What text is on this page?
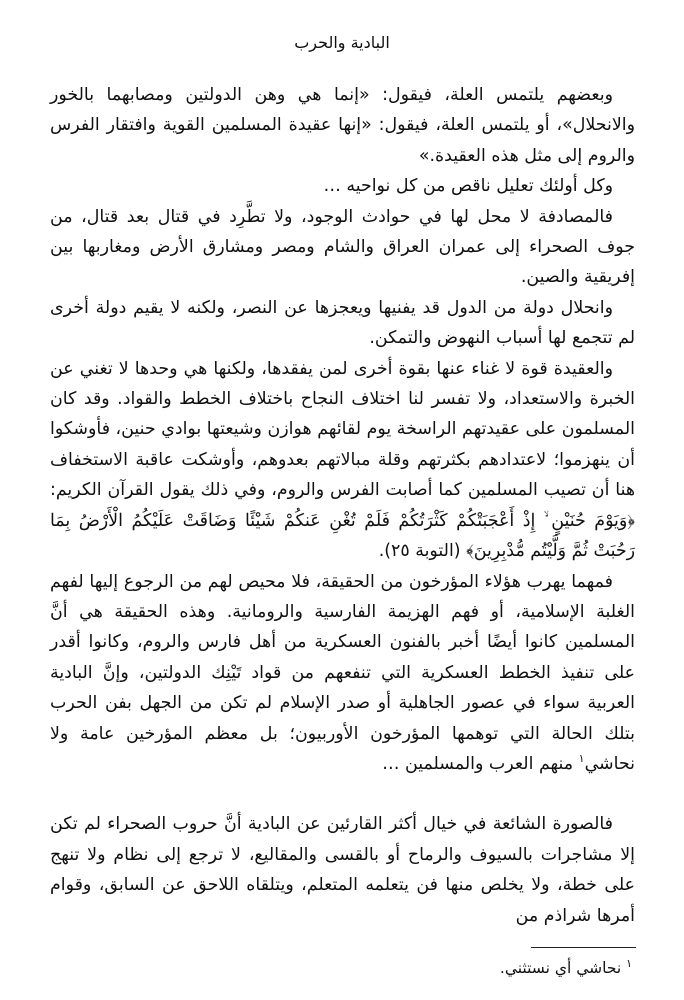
البادية والحرب

وبعضهم يلتمس العلة، فيقول: «إنما هي وهن الدولتين ومصابهما بالخور والانحلال»، أو يلتمس العلة، فيقول: «إنها عقيدة المسلمين القوية وافتقار الفرس والروم إلى مثل هذه العقيدة.»

وكل أولئك تعليل ناقص من كل نواحيه …

فالمصادفة لا محل لها في حوادث الوجود، ولا تطَّرِد في قتال بعد قتال، من جوف الصحراء إلى عمران العراق والشام ومصر ومشارق الأرض ومغاربها بين إفريقية والصين.

وانحلال دولة من الدول قد يفنيها ويعجزها عن النصر، ولكنه لا يقيم دولة أخرى لم تتجمع لها أسباب النهوض والتمكن.

والعقيدة قوة لا غناء عنها بقوة أخرى لمن يفقدها، ولكنها هي وحدها لا تغني عن الخبرة والاستعداد، ولا تفسر لنا اختلاف النجاح باختلاف الخطط والقواد. وقد كان المسلمون على عقيدتهم الراسخة يوم لقائهم هوازن وشيعتها بوادي حنين، فأوشكوا أن ينهزموا؛ لاعتدادهم بكثرتهم وقلة مبالاتهم بعدوهم، وأوشكت عاقبة الاستخفاف هنا أن تصيب المسلمين كما أصابت الفرس والروم، وفي ذلك يقول القرآن الكريم: ﴿وَيَوْمَ حُنَيْنٍ ۙ إِذْ أَعْجَبَتْكُمْ كَثْرَتُكُمْ فَلَمْ تُغْنِ عَنكُمْ شَيْئًا وَضَاقَتْ عَلَيْكُمُ الْأَرْضُ بِمَا رَحُبَتْ ثُمَّ وَلَّيْتُم مُّدْبِرِينَ﴾ (التوبة ٢٥).

فمهما يهرب هؤلاء المؤرخون من الحقيقة، فلا محيص لهم من الرجوع إليها لفهم الغلبة الإسلامية، أو فهم الهزيمة الفارسية والرومانية. وهذه الحقيقة هي أنَّ المسلمين كانوا أيضًا أخبر بالفنون العسكرية من أهل فارس والروم، وكانوا أقدر على تنفيذ الخطط العسكرية التي تنفعهم من قواد تَيْنِك الدولتين، وإنَّ البادية العربية سواء في عصور الجاهلية أو صدر الإسلام لم تكن من الجهل بفن الحرب بتلك الحالة التي توهمها المؤرخون الأوربيون؛ بل معظم المؤرخين عامة ولا نحاشي$^١$ منهم العرب والمسلمين …

فالصورة الشائعة في خيال أكثر القارئين عن البادية أنَّ حروب الصحراء لم تكن إلا مشاجرات بالسيوف والرماح أو بالقسى والمقاليع، لا ترجع إلى نظام ولا تنهج على خطة، ولا يخلص منها فن يتعلمه المتعلم، ويتلقاه اللاحق عن السابق، وقوام أمرها شراذم من

$^١$ نحاشي أي نستثني.
